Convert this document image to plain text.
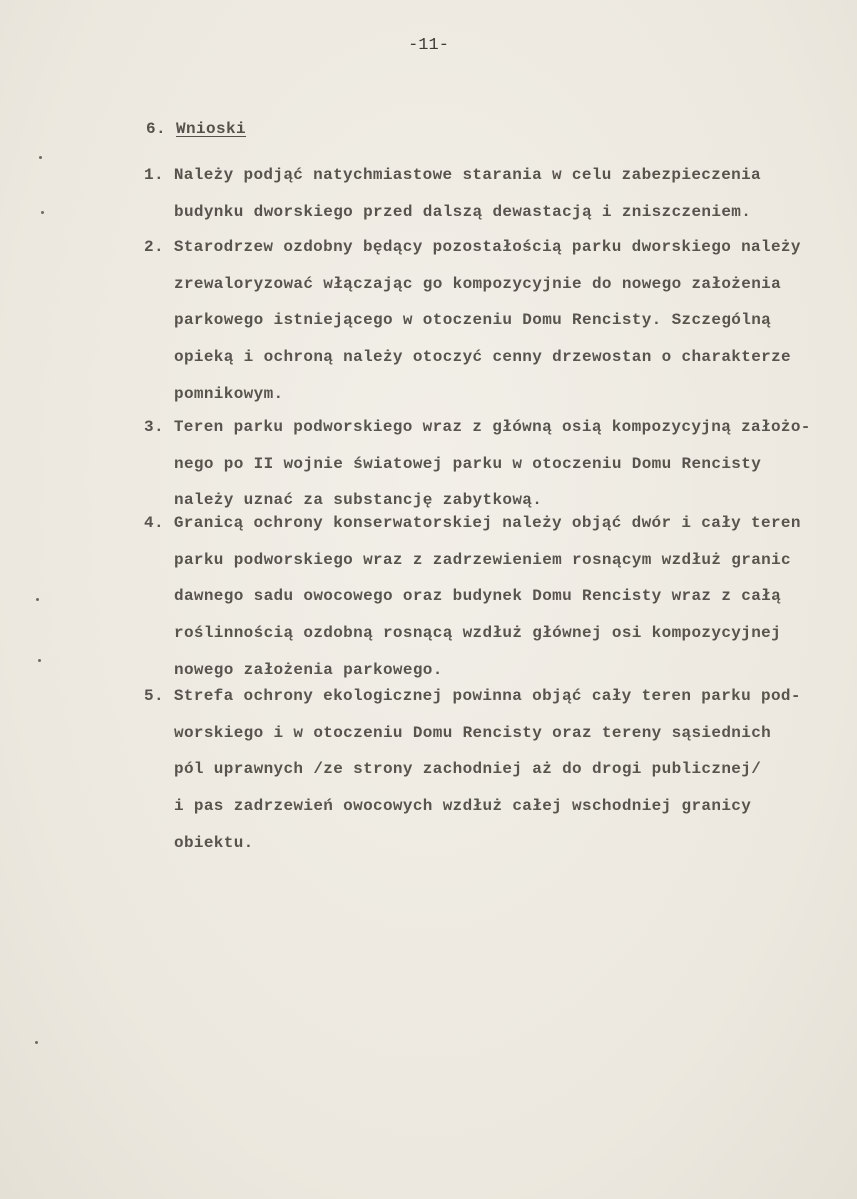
-11-
6. Wnioski
1. Należy podjąć natychmiastowe starania w celu zabezpieczenia
budynku dworskiego przed dalszą dewastacją i zniszczeniem.
2. Starodrzew ozdobny będący pozostałością parku dworskiego należy
zrewaloryzować włączając go kompozycyjnie do nowego założenia
parkowego istniejącego w otoczeniu Domu Rencisty. Szczególną
opieką i ochroną należy otoczyć cenny drzewostan o charakterze
pomnikowym.
3. Teren parku podworskiego wraz z główną osią kompozycyjną założo-
nego po II wojnie światowej parku w otoczeniu Domu Rencisty
należy uznać za substancję zabytkową.
4. Granicą ochrony konserwatorskiej należy objąć dwór i cały teren
parku podworskiego wraz z zadrzewieniem rosnącym wzdłuż granic
dawnego sadu owocowego oraz budynek Domu Rencisty wraz z całą
roślinnością ozdobną rosnącą wzdłuż głównej osi kompozycyjnej
nowego założenia parkowego.
5. Strefa ochrony ekologicznej powinna objąć cały teren parku pod-
worskiego i w otoczeniu Domu Rencisty oraz tereny sąsiednich
pól uprawnych /ze strony zachodniej aż do drogi publicznej/
i pas zadrzewień owocowych wzdłuż całej wschodniej granicy
obiektu.
